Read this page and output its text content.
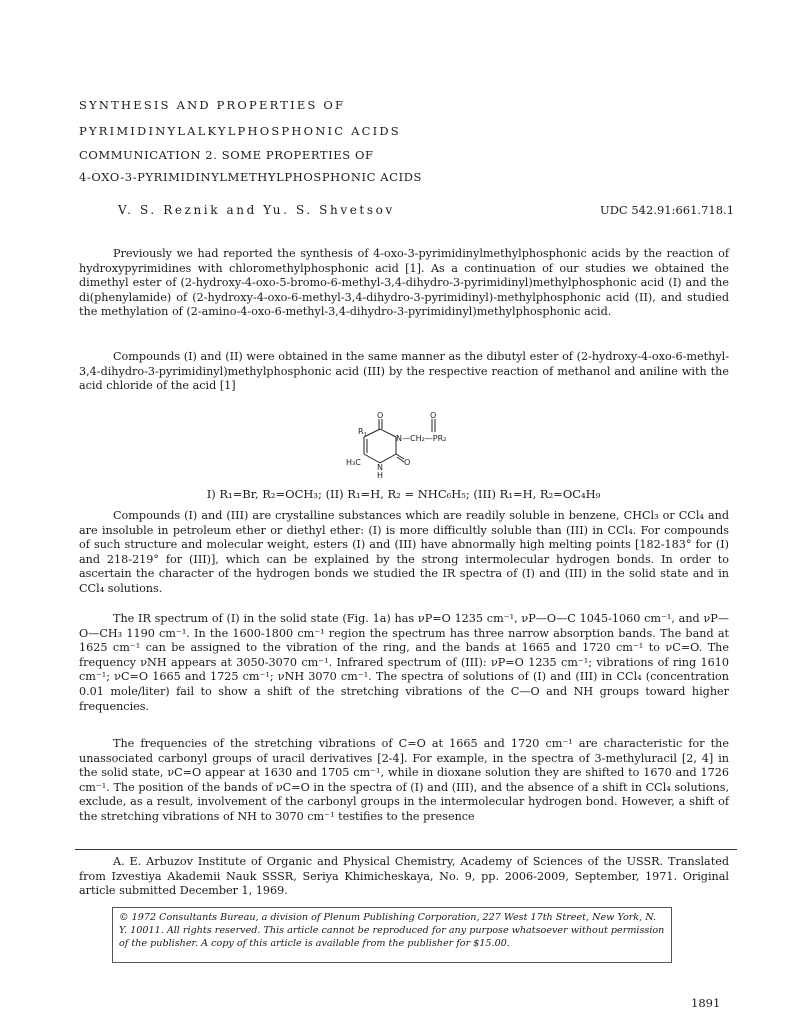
SYNTHESIS AND PROPERTIES OF
PYRIMIDINYLALKYLPHOSPHONIC ACIDS
COMMUNICATION 2. SOME PROPERTIES OF
4-OXO-3-PYRIMIDINYLMETHYLPHOSPHONIC ACIDS
V. S. Reznik and Yu. S. Shvetsov	UDC 542.91:661.718.1
Previously we had reported the synthesis of 4-oxo-3-pyrimidinylmethylphosphonic acids by the reaction of hydroxypyrimidines with chloromethylphosphonic acid [1]. As a continuation of our studies we obtained the dimethyl ester of (2-hydroxy-4-oxo-5-bromo-6-methyl-3,4-dihydro-3-pyrimidinyl)methylphosphonic acid (I) and the di(phenylamide) of (2-hydroxy-4-oxo-6-methyl-3,4-dihydro-3-pyrimidinyl)-methylphosphonic acid (II), and studied the methylation of (2-amino-4-oxo-6-methyl-3,4-dihydro-3-pyrimidinyl)methylphosphonic acid.
Compounds (I) and (II) were obtained in the same manner as the dibutyl ester of (2-hydroxy-4-oxo-6-methyl-3,4-dihydro-3-pyrimidinyl)methylphosphonic acid (III) by the respective reaction of methanol and aniline with the acid chloride of the acid [1]
O	O
$R_1$	N—CH₂—PR₂
H₃C	O
N
H
I) R₁=Br, R₂=OCH₃; (II) R₁=H, R₂ = NHC₆H₅; (III) R₁=H, R₂=OC₄H₉
Compounds (I) and (III) are crystalline substances which are readily soluble in benzene, CHCl₃ or CCl₄ and are insoluble in petroleum ether or diethyl ether: (I) is more difficultly soluble than (III) in CCl₄. For compounds of such structure and molecular weight, esters (I) and (III) have abnormally high melting points [182-183° for (I) and 218-219° for (III)], which can be explained by the strong intermolecular hydrogen bonds. In order to ascertain the character of the hydrogen bonds we studied the IR spectra of (I) and (III) in the solid state and in CCl₄ solutions.
The IR spectrum of (I) in the solid state (Fig. 1a) has νP=O 1235 cm⁻¹, νP—O—C 1045-1060 cm⁻¹, and νP—O—CH₃ 1190 cm⁻¹. In the 1600-1800 cm⁻¹ region the spectrum has three narrow absorption bands. The band at 1625 cm⁻¹ can be assigned to the vibration of the ring, and the bands at 1665 and 1720 cm⁻¹ to νC=O. The frequency νNH appears at 3050-3070 cm⁻¹. Infrared spectrum of (III): νP=O 1235 cm⁻¹; vibrations of ring 1610 cm⁻¹; νC=O 1665 and 1725 cm⁻¹; νNH 3070 cm⁻¹. The spectra of solutions of (I) and (III) in CCl₄ (concentration 0.01 mole/liter) fail to show a shift of the stretching vibrations of the C—O and NH groups toward higher frequencies.
The frequencies of the stretching vibrations of C=O at 1665 and 1720 cm⁻¹ are characteristic for the unassociated carbonyl groups of uracil derivatives [2-4]. For example, in the spectra of 3-methyluracil [2, 4] in the solid state, νC=O appear at 1630 and 1705 cm⁻¹, while in dioxane solution they are shifted to 1670 and 1726 cm⁻¹. The position of the bands of νC=O in the spectra of (I) and (III), and the absence of a shift in CCl₄ solutions, exclude, as a result, involvement of the carbonyl groups in the intermolecular hydrogen bond. However, a shift of the stretching vibrations of NH to 3070 cm⁻¹ testifies to the presence
A. E. Arbuzov Institute of Organic and Physical Chemistry, Academy of Sciences of the USSR. Translated from Izvestiya Akademii Nauk SSSR, Seriya Khimicheskaya, No. 9, pp. 2006-2009, September, 1971. Original article submitted December 1, 1969.
© 1972 Consultants Bureau, a division of Plenum Publishing Corporation, 227 West 17th Street, New York, N. Y. 10011. All rights reserved. This article cannot be reproduced for any purpose whatsoever without permission of the publisher. A copy of this article is available from the publisher for $15.00.
1891
